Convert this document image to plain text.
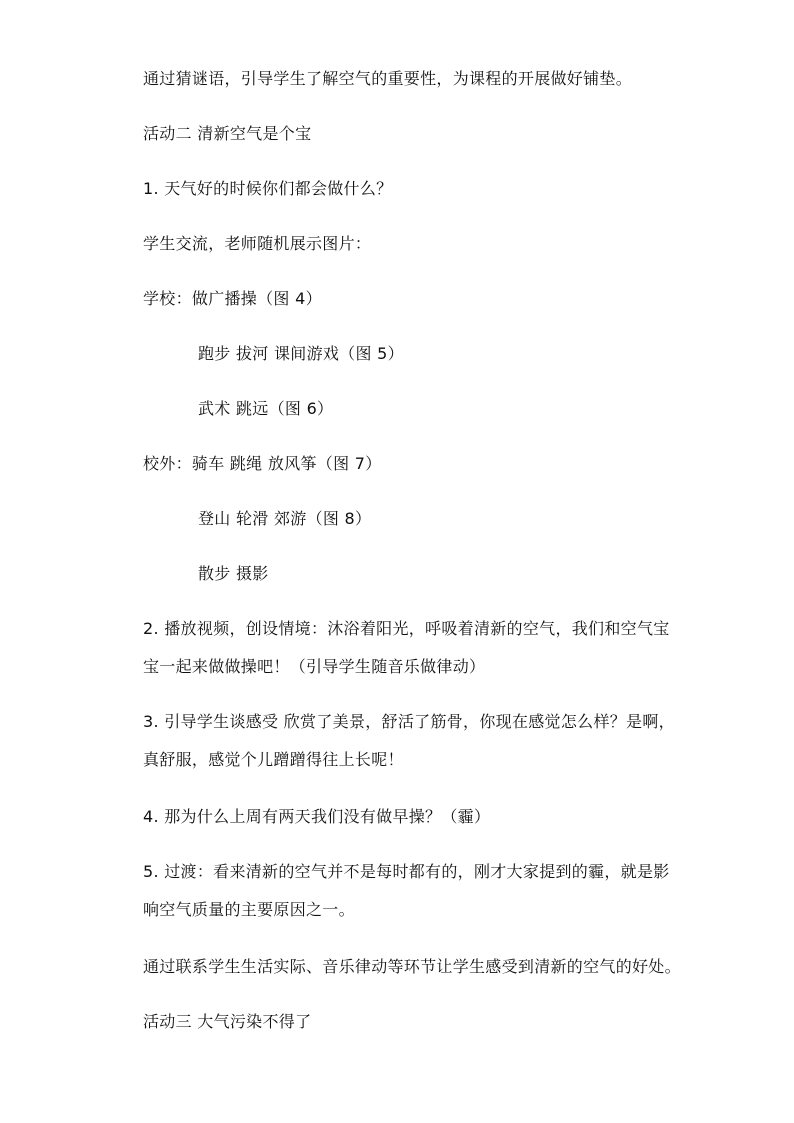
通过猜谜语，引导学生了解空气的重要性，为课程的开展做好铺垫。
活动二 清新空气是个宝
1. 天气好的时候你们都会做什么？
学生交流，老师随机展示图片：
学校：做广播操（图 4）
跑步 拔河 课间游戏（图 5）
武术 跳远（图 6）
校外：骑车 跳绳 放风筝（图 7）
登山 轮滑 郊游（图 8）
散步 摄影
2. 播放视频，创设情境：沐浴着阳光，呼吸着清新的空气，我们和空气宝
宝一起来做做操吧！（引导学生随音乐做律动）
3. 引导学生谈感受 欣赏了美景，舒活了筋骨，你现在感觉怎么样？是啊，
真舒服，感觉个儿蹭蹭得往上长呢！
4. 那为什么上周有两天我们没有做早操？（霾）
5. 过渡：看来清新的空气并不是每时都有的，刚才大家提到的霾，就是影
响空气质量的主要原因之一。
通过联系学生生活实际、音乐律动等环节让学生感受到清新的空气的好处。
活动三 大气污染不得了
